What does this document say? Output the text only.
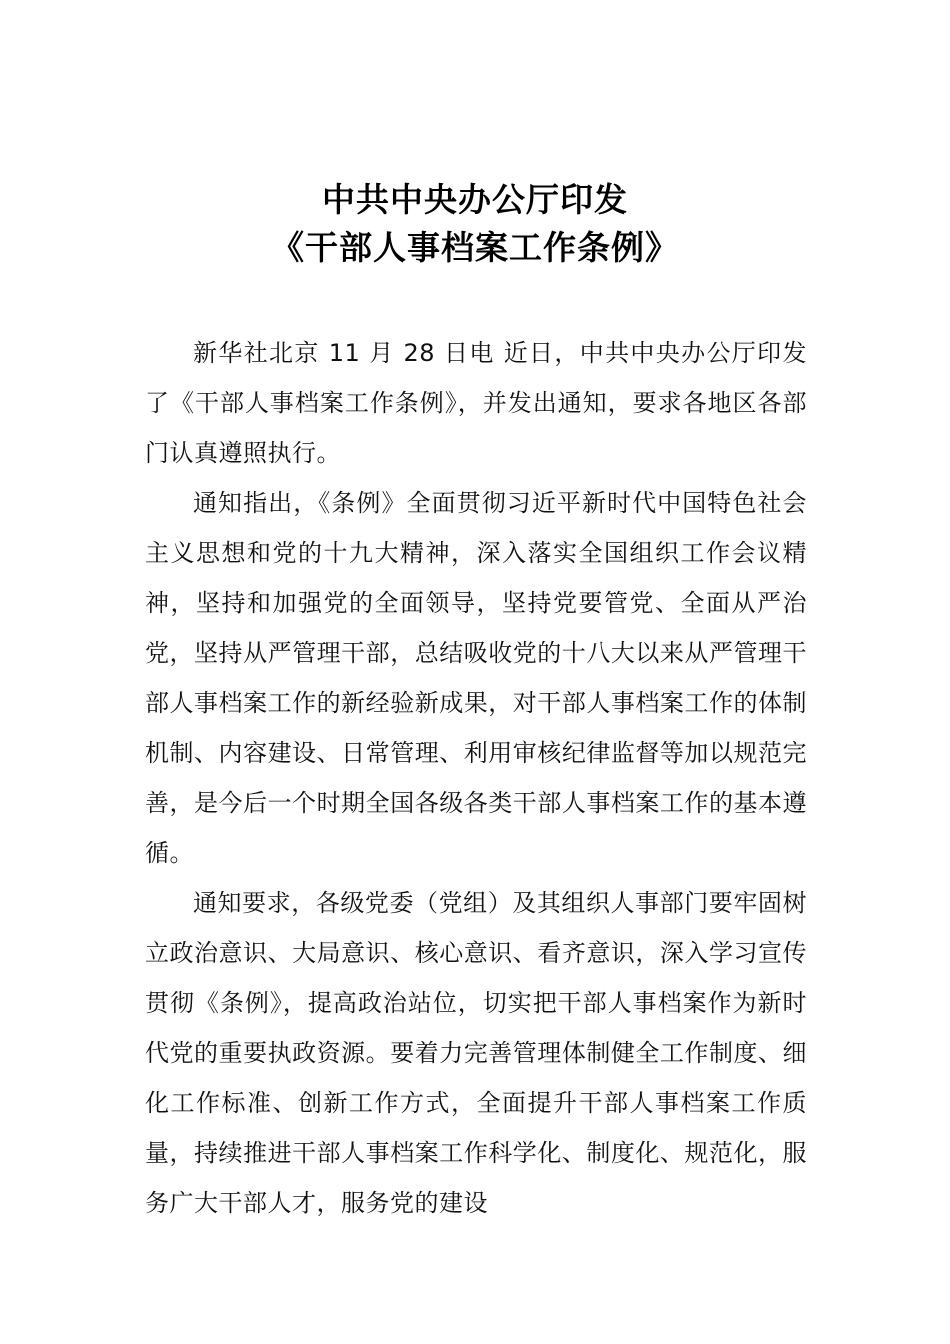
中共中央办公厅印发
《干部人事档案工作条例》

新华社北京 11 月 28 日电 近日，中共中央办公厅印发了《干部人事档案工作条例》，并发出通知，要求各地区各部门认真遵照执行。

通知指出，《条例》全面贯彻习近平新时代中国特色社会主义思想和党的十九大精神，深入落实全国组织工作会议精神，坚持和加强党的全面领导，坚持党要管党、全面从严治党，坚持从严管理干部，总结吸收党的十八大以来从严管理干部人事档案工作的新经验新成果，对干部人事档案工作的体制机制、内容建设、日常管理、利用审核纪律监督等加以规范完善，是今后一个时期全国各级各类干部人事档案工作的基本遵循。

通知要求，各级党委（党组）及其组织人事部门要牢固树立政治意识、大局意识、核心意识、看齐意识，深入学习宣传贯彻《条例》，提高政治站位，切实把干部人事档案作为新时代党的重要执政资源。要着力完善管理体制健全工作制度、细化工作标准、创新工作方式，全面提升干部人事档案工作质量，持续推进干部人事档案工作科学化、制度化、规范化，服务广大干部人才，服务党的建设
